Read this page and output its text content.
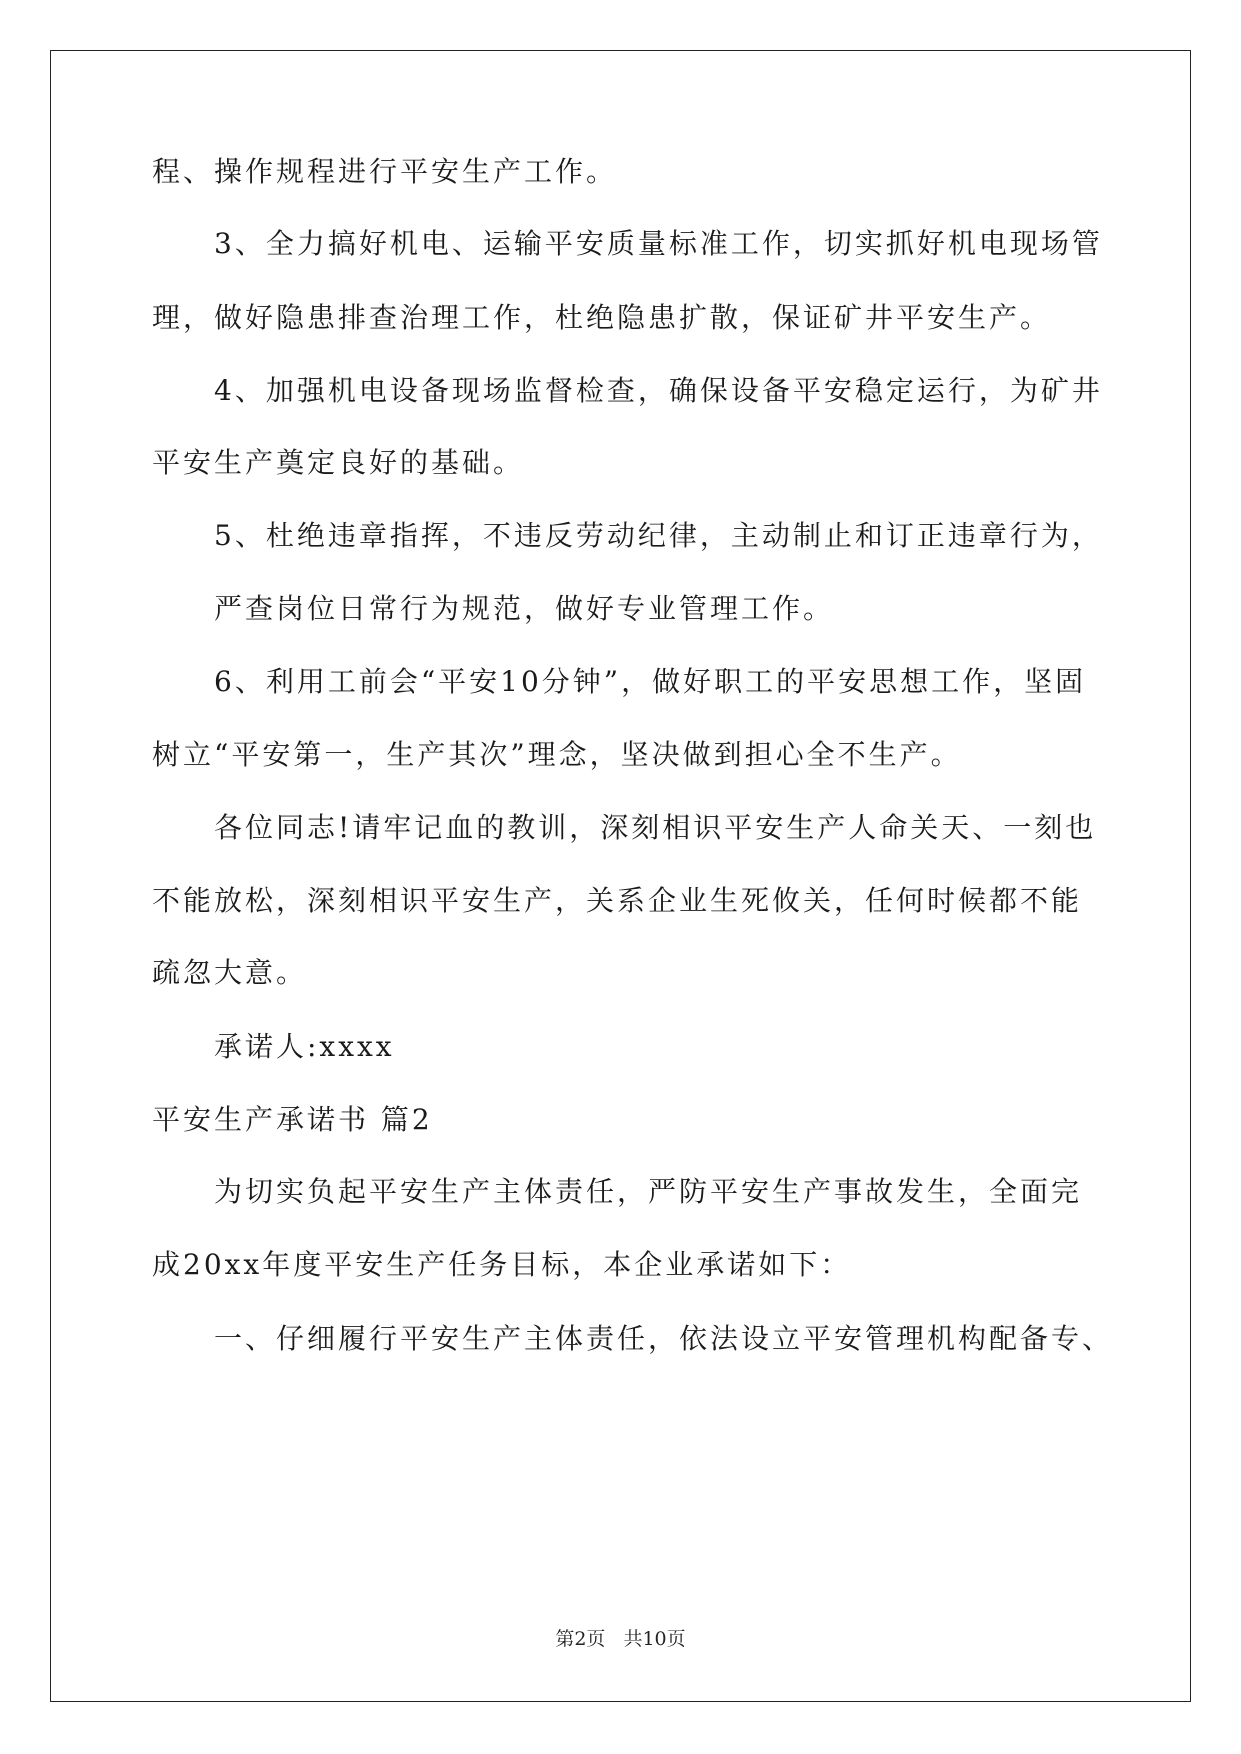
程、操作规程进行平安生产工作。
3、全力搞好机电、运输平安质量标准工作，切实抓好机电现场管
理，做好隐患排查治理工作，杜绝隐患扩散，保证矿井平安生产。
4、加强机电设备现场监督检查，确保设备平安稳定运行，为矿井
平安生产奠定良好的基础。
5、杜绝违章指挥，不违反劳动纪律，主动制止和订正违章行为，
严查岗位日常行为规范，做好专业管理工作。
6、利用工前会“平安10分钟”，做好职工的平安思想工作，坚固
树立“平安第一，生产其次”理念，坚决做到担心全不生产。
各位同志!请牢记血的教训，深刻相识平安生产人命关天、一刻也
不能放松，深刻相识平安生产，关系企业生死攸关，任何时候都不能
疏忽大意。
承诺人:xxxx
平安生产承诺书 篇2
为切实负起平安生产主体责任，严防平安生产事故发生，全面完
成20xx年度平安生产任务目标，本企业承诺如下：
一、仔细履行平安生产主体责任，依法设立平安管理机构配备专、
第2页 共10页
